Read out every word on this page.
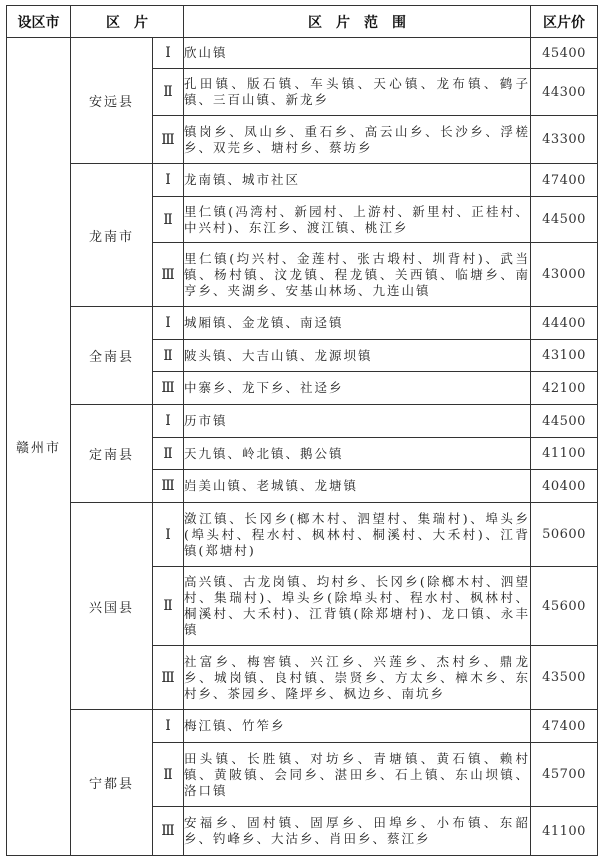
设区市	区　片		区　片　范　围	区片价
赣州市	安远县	Ⅰ	欣山镇	45400
		Ⅱ	孔田镇、版石镇、车头镇、天心镇、龙布镇、鹤子镇、三百山镇、新龙乡	44300
		Ⅲ	镇岗乡、凤山乡、重石乡、高云山乡、长沙乡、浮槎乡、双芫乡、塘村乡、蔡坊乡	43300
	龙南市	Ⅰ	龙南镇、城市社区	47400
		Ⅱ	里仁镇(冯湾村、新园村、上游村、新里村、正桂村、中兴村)、东江乡、渡江镇、桃江乡	44500
		Ⅲ	里仁镇(均兴村、金莲村、张古塅村、圳背村)、武当镇、杨村镇、汶龙镇、程龙镇、关西镇、临塘乡、南亨乡、夹湖乡、安基山林场、九连山镇	43000
	全南县	Ⅰ	城厢镇、金龙镇、南迳镇	44400
		Ⅱ	陂头镇、大吉山镇、龙源坝镇	43100
		Ⅲ	中寨乡、龙下乡、社迳乡	42100
	定南县	Ⅰ	历市镇	44500
		Ⅱ	天九镇、岭北镇、鹅公镇	41100
		Ⅲ	岿美山镇、老城镇、龙塘镇	40400
	兴国县	Ⅰ	潋江镇、长冈乡(榔木村、泗望村、集瑞村)、埠头乡(埠头村、程水村、枫林村、桐溪村、大禾村)、江背镇(郑塘村)	50600
		Ⅱ	高兴镇、古龙岗镇、均村乡、长冈乡(除榔木村、泗望村、集瑞村)、埠头乡(除埠头村、程水村、枫林村、桐溪村、大禾村)、江背镇(除郑塘村)、龙口镇、永丰镇	45600
		Ⅲ	社富乡、梅窖镇、兴江乡、兴莲乡、杰村乡、鼎龙乡、城岗镇、良村镇、崇贤乡、方太乡、樟木乡、东村乡、茶园乡、隆坪乡、枫边乡、南坑乡	43500
	宁都县	Ⅰ	梅江镇、竹笮乡	47400
		Ⅱ	田头镇、长胜镇、对坊乡、青塘镇、黄石镇、赖村镇、黄陂镇、会同乡、湛田乡、石上镇、东山坝镇、洛口镇	45700
		Ⅲ	安福乡、固村镇、固厚乡、田埠乡、小布镇、东韶乡、钓峰乡、大沽乡、肖田乡、蔡江乡	41100
